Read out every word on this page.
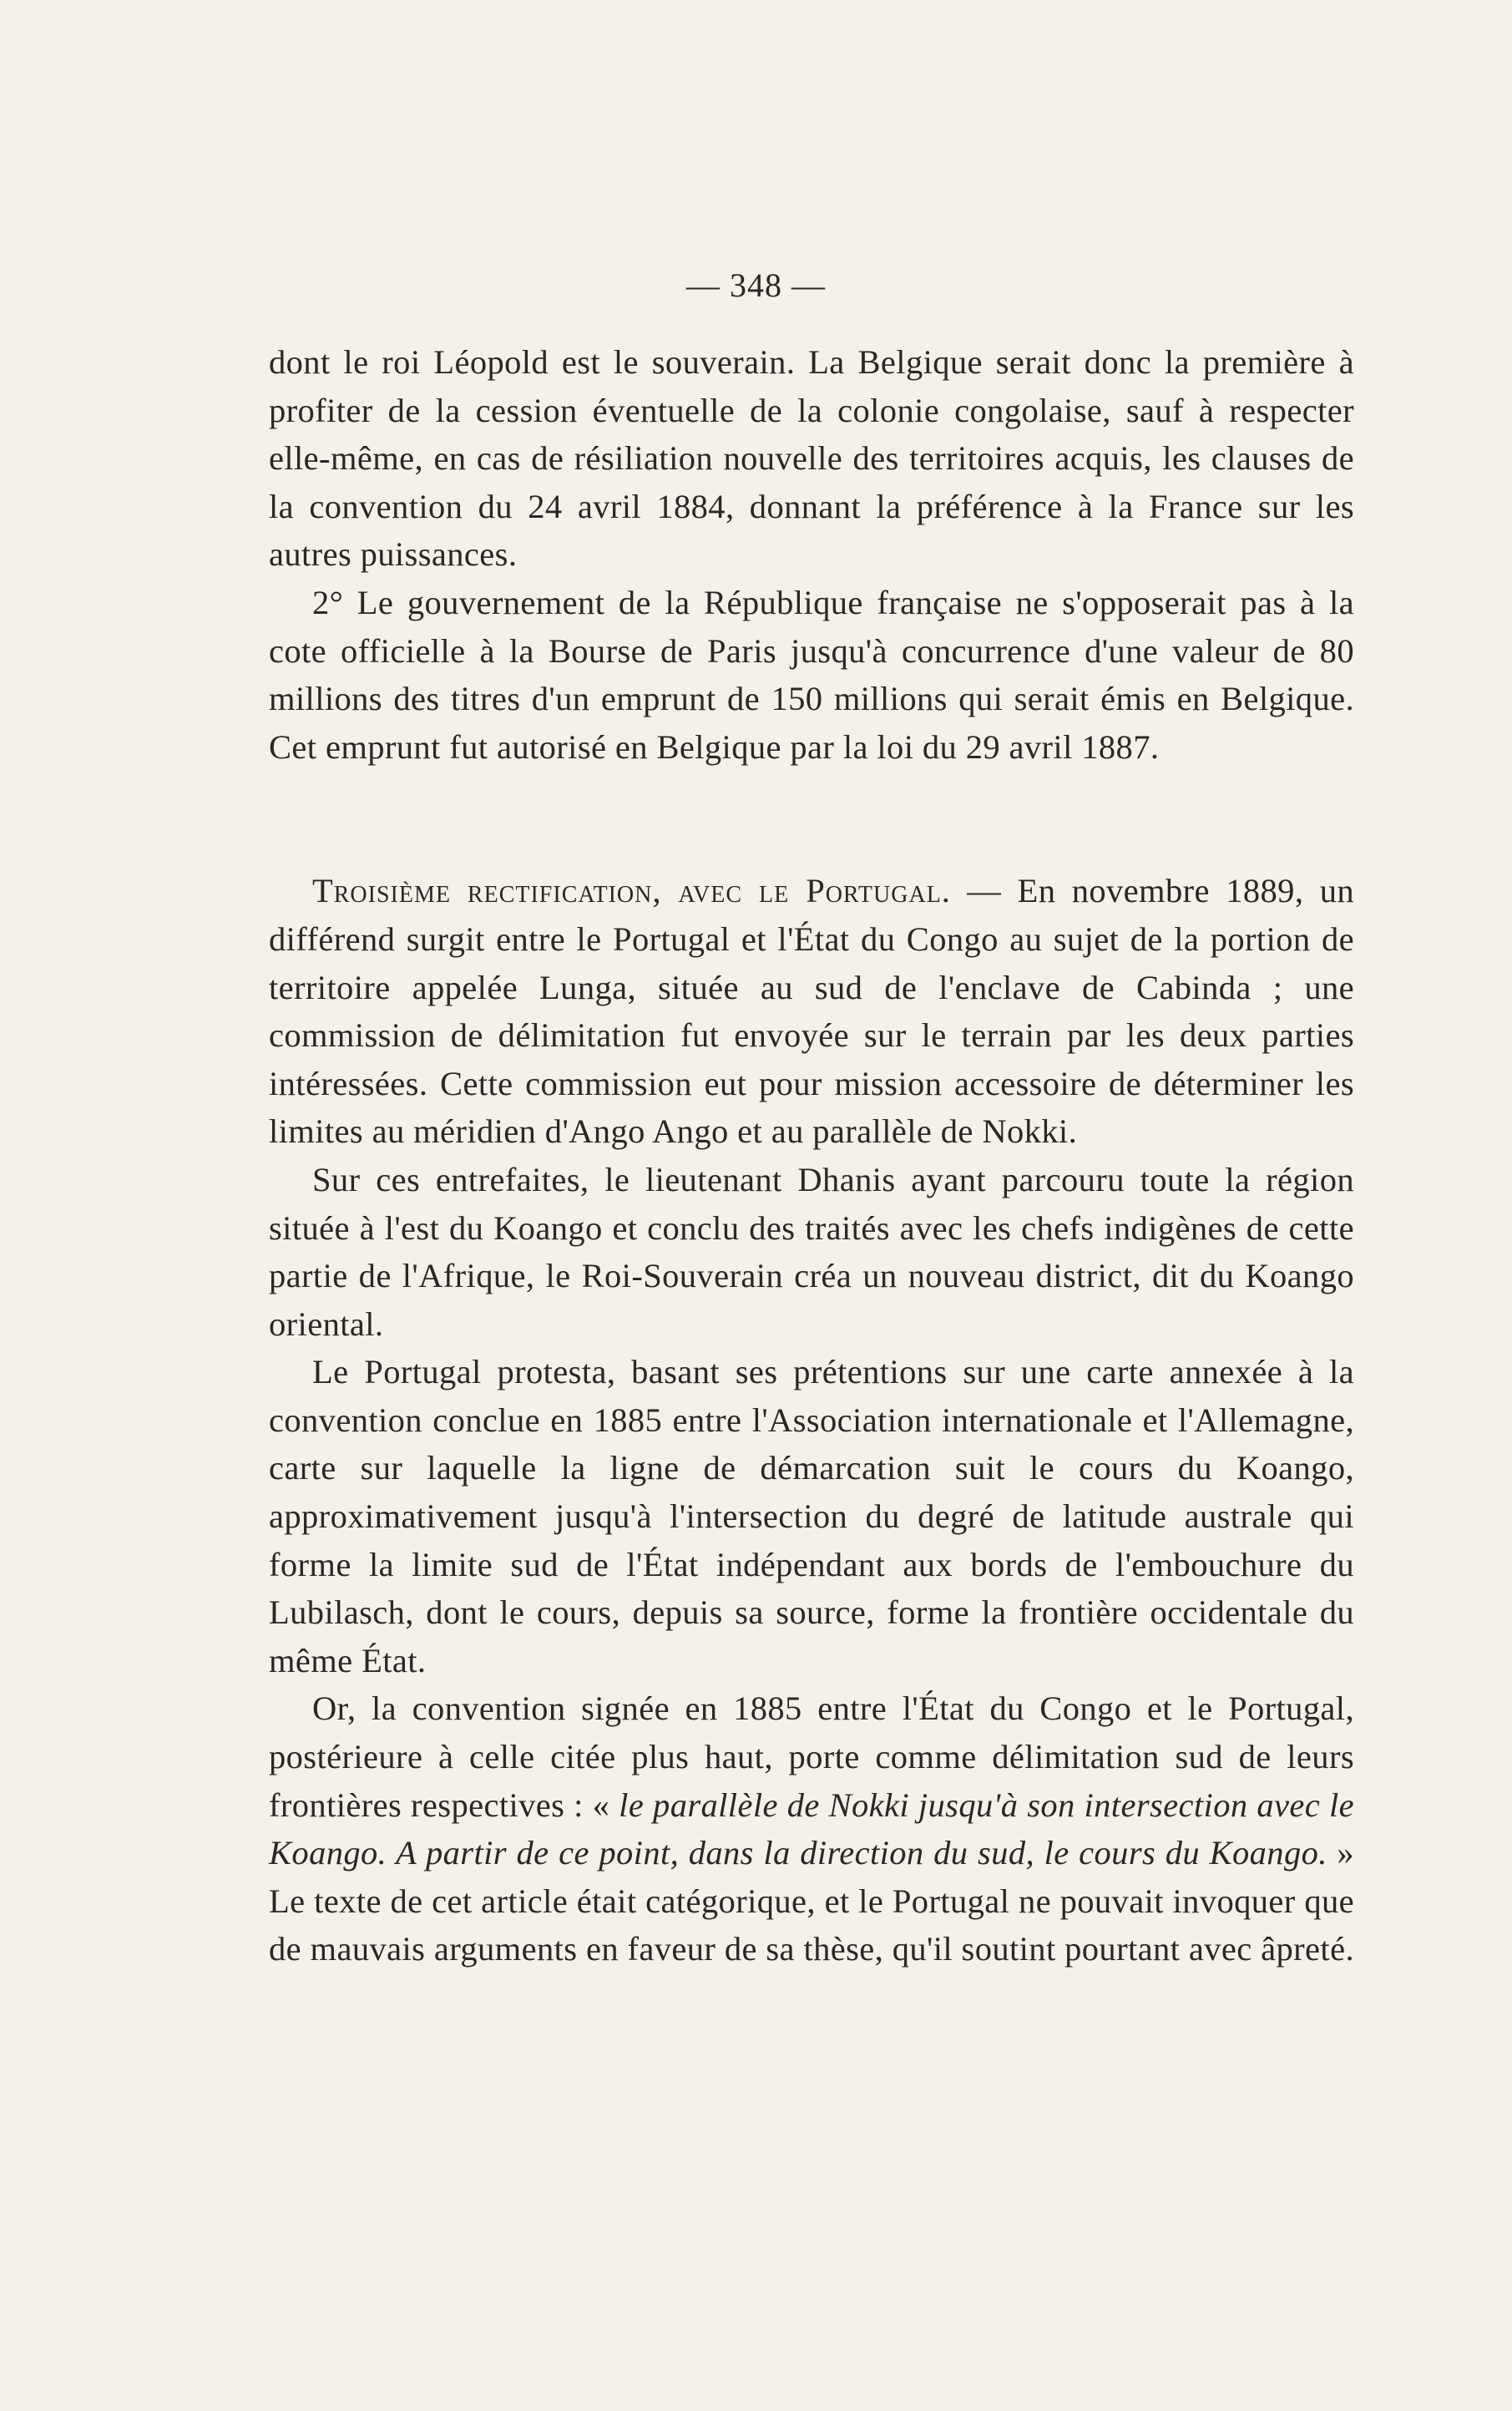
— 348 —

dont le roi Léopold est le souverain. La Belgique serait donc la première à profiter de la cession éventuelle de la colonie congolaise, sauf à respecter elle-même, en cas de résiliation nouvelle des territoires acquis, les clauses de la convention du 24 avril 1884, donnant la préférence à la France sur les autres puissances.

2° Le gouvernement de la République française ne s'opposerait pas à la cote officielle à la Bourse de Paris jusqu'à concurrence d'une valeur de 80 millions des titres d'un emprunt de 150 millions qui serait émis en Belgique. Cet emprunt fut autorisé en Belgique par la loi du 29 avril 1887.

Troisième rectification, avec le Portugal. — En novembre 1889, un différend surgit entre le Portugal et l'État du Congo au sujet de la portion de territoire appelée Lunga, située au sud de l'enclave de Cabinda ; une commission de délimitation fut envoyée sur le terrain par les deux parties intéressées. Cette commission eut pour mission accessoire de déterminer les limites au méridien d'Ango Ango et au parallèle de Nokki.

Sur ces entrefaites, le lieutenant Dhanis ayant parcouru toute la région située à l'est du Koango et conclu des traités avec les chefs indigènes de cette partie de l'Afrique, le Roi-Souverain créa un nouveau district, dit du Koango oriental.

Le Portugal protesta, basant ses prétentions sur une carte annexée à la convention conclue en 1885 entre l'Association internationale et l'Allemagne, carte sur laquelle la ligne de démarcation suit le cours du Koango, approximativement jusqu'à l'intersection du degré de latitude australe qui forme la limite sud de l'État indépendant aux bords de l'embouchure du Lubilasch, dont le cours, depuis sa source, forme la frontière occidentale du même État.

Or, la convention signée en 1885 entre l'État du Congo et le Portugal, postérieure à celle citée plus haut, porte comme délimitation sud de leurs frontières respectives : « le parallèle de Nokki jusqu'à son intersection avec le Koango. A partir de ce point, dans la direction du sud, le cours du Koango. » Le texte de cet article était catégorique, et le Portugal ne pouvait invoquer que de mauvais arguments en faveur de sa thèse, qu'il soutint pourtant avec âpreté.
